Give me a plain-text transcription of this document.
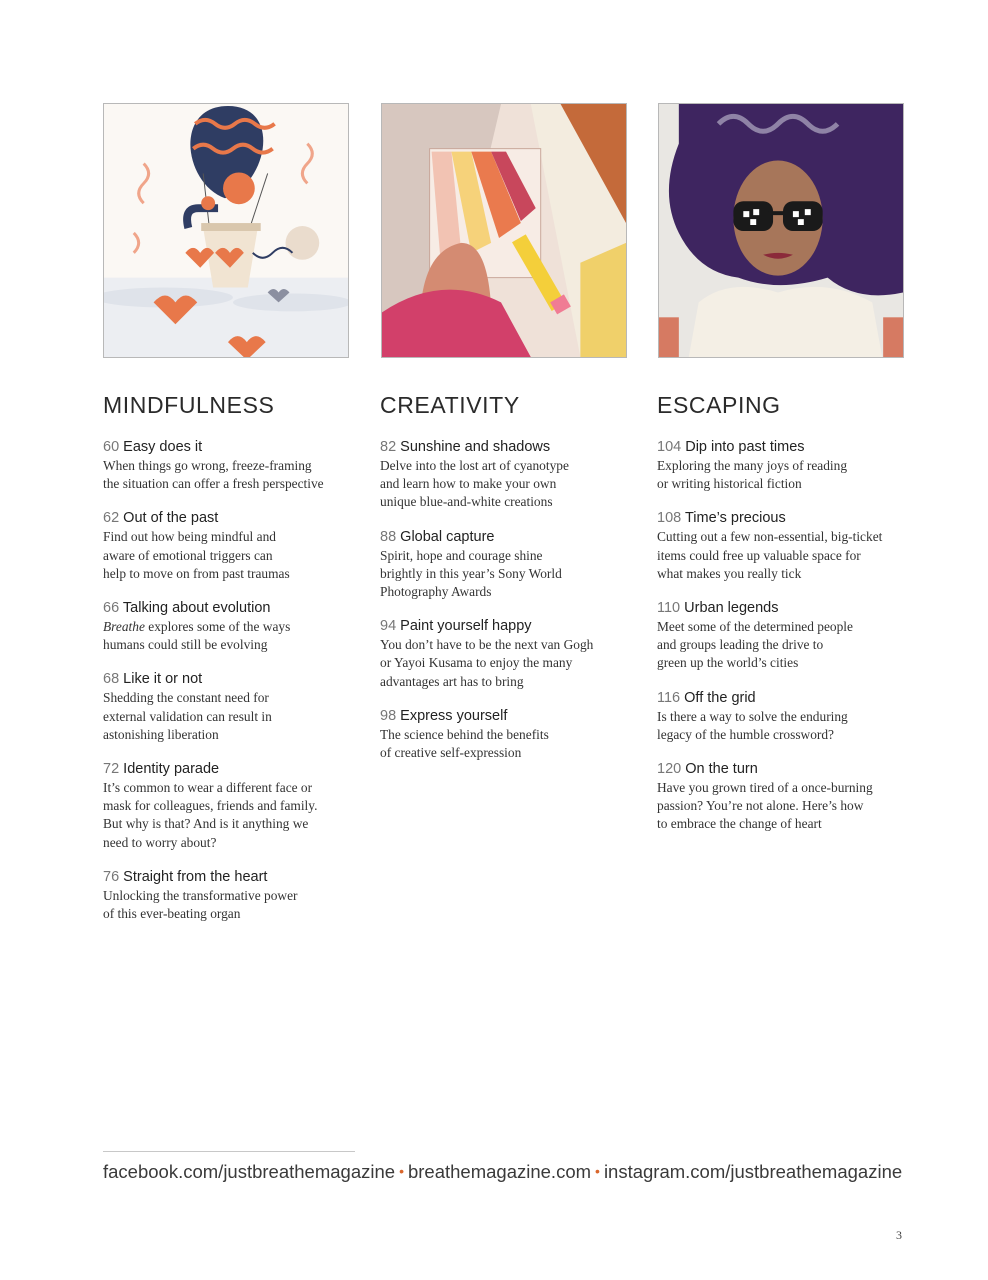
MINDFULNESS
60 Easy does it
When things go wrong, freeze-framing
the situation can offer a fresh perspective
62 Out of the past
Find out how being mindful and
aware of emotional triggers can
help to move on from past traumas
66 Talking about evolution
Breathe explores some of the ways
humans could still be evolving
68 Like it or not
Shedding the constant need for
external validation can result in
astonishing liberation
72 Identity parade
It’s common to wear a different face or
mask for colleagues, friends and family.
But why is that? And is it anything we
need to worry about?
76 Straight from the heart
Unlocking the transformative power
of this ever-beating organ
CREATIVITY
82 Sunshine and shadows
Delve into the lost art of cyanotype
and learn how to make your own
unique blue-and-white creations
88 Global capture
Spirit, hope and courage shine
brightly in this year’s Sony World
Photography Awards
94 Paint yourself happy
You don’t have to be the next van Gogh
or Yayoi Kusama to enjoy the many
advantages art has to bring
98 Express yourself
The science behind the benefits
of creative self-expression
ESCAPING
104 Dip into past times
Exploring the many joys of reading
or writing historical fiction
108 Time’s precious
Cutting out a few non-essential, big-ticket
items could free up valuable space for
what makes you really tick
110 Urban legends
Meet some of the determined people
and groups leading the drive to
green up the world’s cities
116 Off the grid
Is there a way to solve the enduring
legacy of the humble crossword?
120 On the turn
Have you grown tired of a once-burning
passion? You’re not alone. Here’s how
to embrace the change of heart
facebook.com/justbreathemagazine • breathemagazine.com • instagram.com/justbreathemagazine
3
